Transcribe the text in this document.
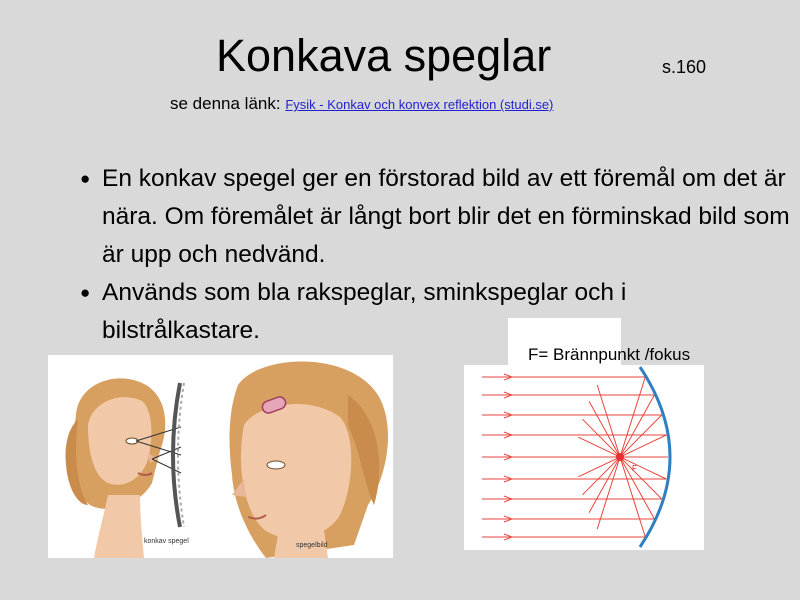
Konkava speglar	s.160
se denna länk: Fysik - Konkav och konvex reflektion (studi.se)
● En konkav spegel ger en förstorad bild av ett föremål om det är nära. Om föremålet är långt bort blir det en förminskad bild som är upp och nedvänd.
● Används som bla rakspeglar, sminkspeglar och i bilstrålkastare.
F= Brännpunkt /fokus
konkav spegel
spegelbild
F
